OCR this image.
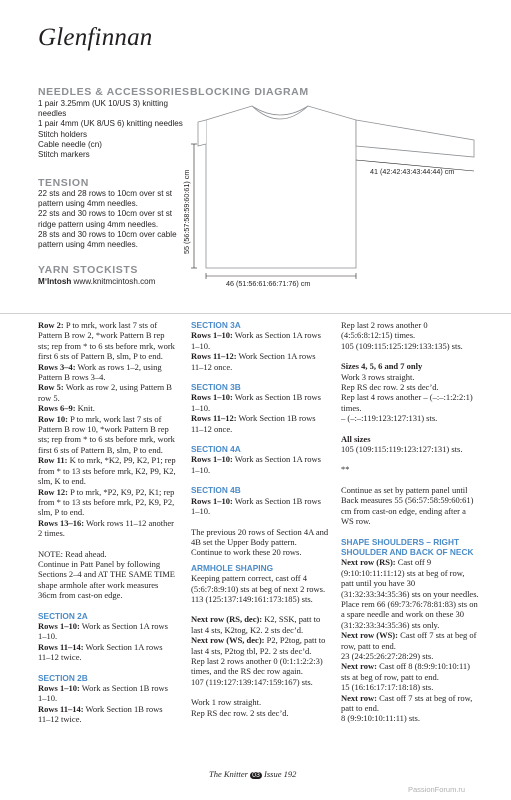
Glenfinnan
NEEDLES & ACCESSORIES
1 pair 3.25mm (UK 10/US 3) knitting
needles
1 pair 4mm (UK 8/US 6) knitting needles
Stitch holders
Cable needle (cn)
Stitch markers
TENSION
22 sts and 28 rows to 10cm over st st
pattern using 4mm needles.
22 sts and 30 rows to 10cm over st st
ridge pattern using 4mm needles.
28 sts and 30 rows to 10cm over cable
pattern using 4mm needles.
YARN STOCKISTS
MʼIntosh www.knitmcintosh.com
BLOCKING DIAGRAM
41 (42:42:43:43:44:44) cm
55 (56:57:58:59:60:61) cm
46 (51:56:61:66:71:76) cm

Row 2: P to mrk, work last 7 sts of Pattern B row 2, *work Pattern B rep sts; rep from * to 6 sts before mrk, work first 6 sts of Pattern B, slm, P to end.

Rows 3–4: Work as rows 1–2, using Pattern B rows 3–4.

Row 5: Work as row 2, using Pattern B row 5.

Rows 6–9: Knit.

Row 10: P to mrk, work last 7 sts of Pattern B row 10, *work Pattern B rep sts; rep from * to 6 sts before mrk, work first 6 sts of Pattern B, slm, P to end.

Row 11: K to mrk, *K2, P9, K2, P1; rep from * to 13 sts before mrk, K2, P9, K2, slm, K to end.

Row 12: P to mrk, *P2, K9, P2, K1; rep from * to 13 sts before mrk, P2, K9, P2, slm, P to end.

Rows 13–16: Work rows 11–12 another 2 times.

NOTE: Read ahead.

Continue in Patt Panel by following Sections 2–4 and AT THE SAME TIME shape armhole after work measures 36cm from cast-on edge.

SECTION 2A

Rows 1–10: Work as Section 1A rows 1–10.

Rows 11–14: Work Section 1A rows 11–12 twice.

SECTION 2B

Rows 1–10: Work as Section 1B rows 1–10.

Rows 11–14: Work Section 1B rows 11–12 twice.

SECTION 3A

Rows 1–10: Work as Section 1A rows 1–10.

Rows 11–12: Work Section 1A rows 11–12 once.

SECTION 3B

Rows 1–10: Work as Section 1B rows 1–10.

Rows 11–12: Work Section 1B rows 11–12 once.

SECTION 4A

Rows 1–10: Work as Section 1A rows 1–10.

SECTION 4B

Rows 1–10: Work as Section 1B rows 1–10.

The previous 20 rows of Section 4A and 4B set the Upper Body pattern. Continue to work these 20 rows.

ARMHOLE SHAPING

Keeping pattern correct, cast off 4 (5:6:7:8:9:10) sts at beg of next 2 rows.

113 (125:137:149:161:173:185) sts.

Next row (RS, dec): K2, SSK, patt to last 4 sts, K2tog, K2. 2 sts dec’d.

Next row (WS, dec): P2, P2tog, patt to last 4 sts, P2tog tbl, P2. 2 sts dec’d.

Rep last 2 rows another 0 (0:1:1:2:2:3) times, and the RS dec row again.

107 (119:127:139:147:159:167) sts.

Work 1 row straight.

Rep RS dec row. 2 sts dec’d.

Rep last 2 rows another 0 (4:5:6:8:12:15) times.

105 (109:115:125:129:133:135) sts.

Sizes 4, 5, 6 and 7 only

Work 3 rows straight.

Rep RS dec row. 2 sts dec’d.

Rep last 4 rows another – (–:–:1:2:2:1) times.

– (–:–:119:123:127:131) sts.

All sizes

105 (109:115:119:123:127:131) sts.

**

Continue as set by pattern panel until Back measures 55 (56:57:58:59:60:61) cm from cast-on edge, ending after a WS row.

SHAPE SHOULDERS – RIGHT SHOULDER AND BACK OF NECK

Next row (RS): Cast off 9 (9:10:10:11:11:12) sts at beg of row, patt until you have 30 (31:32:33:34:35:36) sts on your needles. Place rem 66 (69:73:76:78:81:83) sts on a spare needle and work on these 30 (31:32:33:34:35:36) sts only.

Next row (WS): Cast off 7 sts at beg of row, patt to end.

23 (24:25:26:27:28:29) sts.

Next row: Cast off 8 (8:9:9:10:10:11) sts at beg of row, patt to end.

15 (16:16:17:17:18:18) sts.

Next row: Cast off 7 sts at beg of row, patt to end.

8 (9:9:10:10:11:11) sts.

The Knitter 03 Issue 192
PassionForum.ru
